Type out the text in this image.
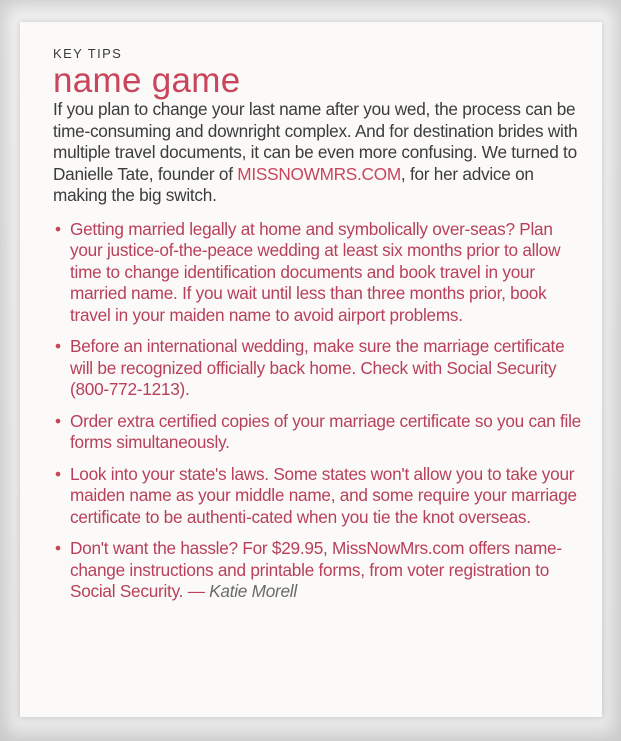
KEY TIPS
name game

If you plan to change your last name after you wed, the process can be time-consuming and downright complex. And for destination brides with multiple travel documents, it can be even more confusing. We turned to Danielle Tate, founder of MISSNOWMRS.COM, for her advice on making the big switch.

• Getting married legally at home and symbolically over-seas? Plan your justice-of-the-peace wedding at least six months prior to allow time to change identification documents and book travel in your married name. If you wait until less than three months prior, book travel in your maiden name to avoid airport problems.
• Before an international wedding, make sure the marriage certificate will be recognized officially back home. Check with Social Security (800-772-1213).
• Order extra certified copies of your marriage certificate so you can file forms simultaneously.
• Look into your state's laws. Some states won't allow you to take your maiden name as your middle name, and some require your marriage certificate to be authenti-cated when you tie the knot overseas.
• Don't want the hassle? For $29.95, MissNowMrs.com offers name-change instructions and printable forms, from voter registration to Social Security. — Katie Morell
